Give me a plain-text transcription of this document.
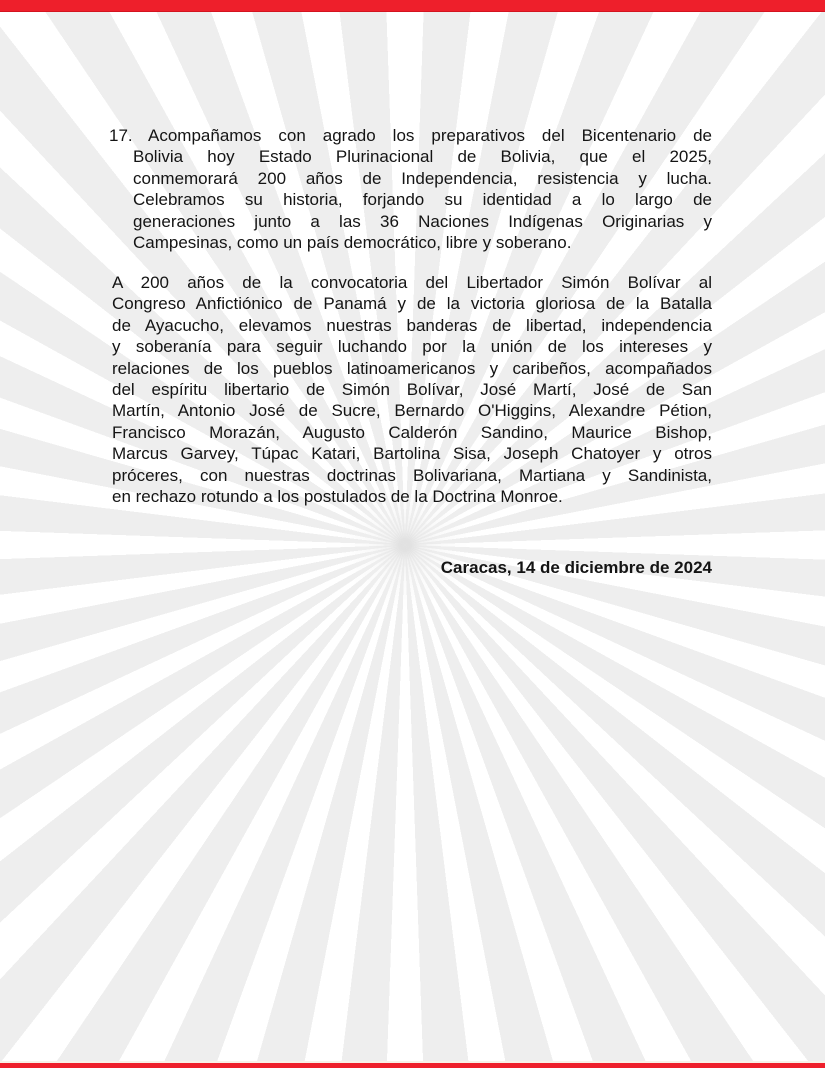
17. Acompañamos con agrado los preparativos del Bicentenario de
Bolivia hoy Estado Plurinacional de Bolivia, que el 2025,
conmemorará 200 años de Independencia, resistencia y lucha.
Celebramos su historia, forjando su identidad a lo largo de
generaciones junto a las 36 Naciones Indígenas Originarias y
Campesinas, como un país democrático, libre y soberano.
A 200 años de la convocatoria del Libertador Simón Bolívar al
Congreso Anfictiónico de Panamá y de la victoria gloriosa de la Batalla
de Ayacucho, elevamos nuestras banderas de libertad, independencia
y soberanía para seguir luchando por la unión de los intereses y
relaciones de los pueblos latinoamericanos y caribeños, acompañados
del espíritu libertario de Simón Bolívar, José Martí, José de San
Martín, Antonio José de Sucre, Bernardo O'Higgins, Alexandre Pétion,
Francisco Morazán, Augusto Calderón Sandino, Maurice Bishop,
Marcus Garvey, Túpac Katari, Bartolina Sisa, Joseph Chatoyer y otros
próceres, con nuestras doctrinas Bolivariana, Martiana y Sandinista,
en rechazo rotundo a los postulados de la Doctrina Monroe.
Caracas, 14 de diciembre de 2024
